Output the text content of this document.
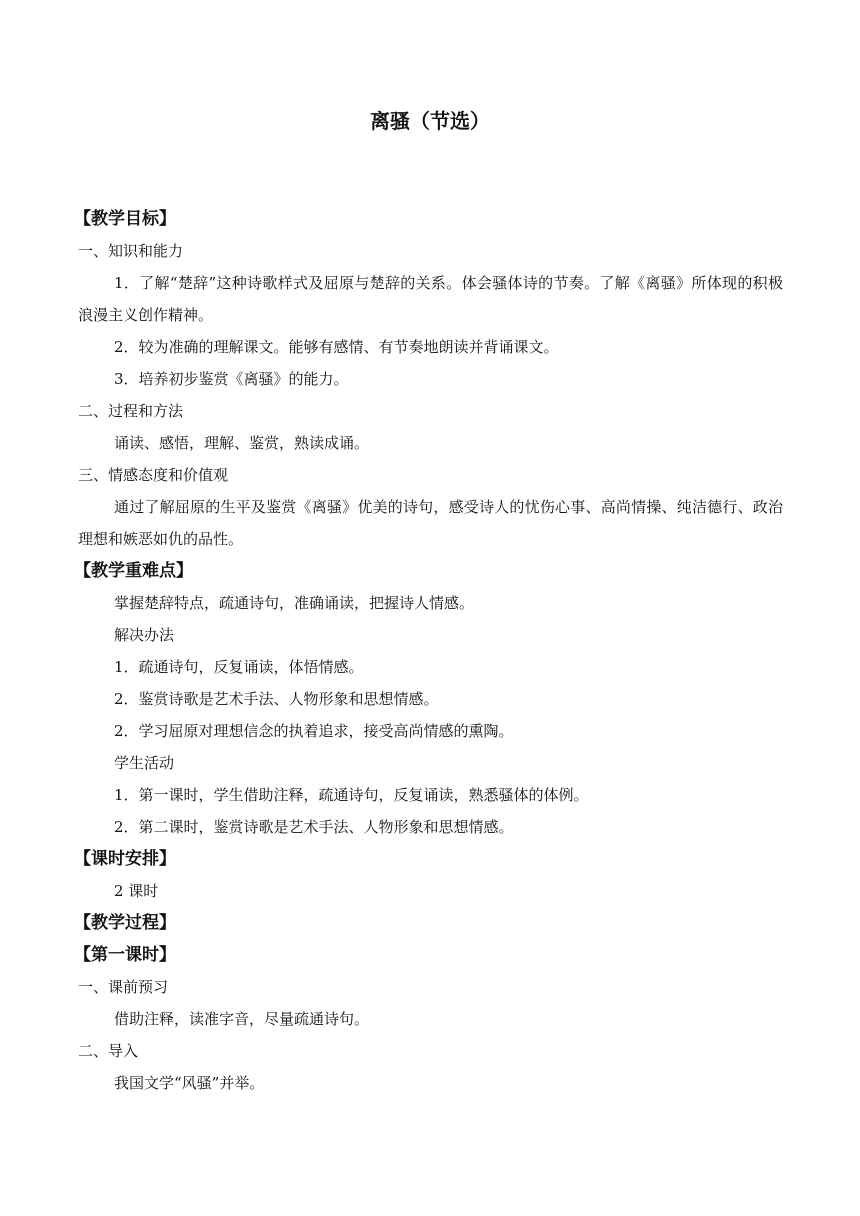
离骚（节选）
【教学目标】
一、知识和能力
1．了解“楚辞”这种诗歌样式及屈原与楚辞的关系。体会骚体诗的节奏。了解《离骚》所体现的积极浪漫主义创作精神。
2．较为准确的理解课文。能够有感情、有节奏地朗读并背诵课文。
3．培养初步鉴赏《离骚》的能力。
二、过程和方法
诵读、感悟，理解、鉴赏，熟读成诵。
三、情感态度和价值观
通过了解屈原的生平及鉴赏《离骚》优美的诗句，感受诗人的忧伤心事、高尚情操、纯洁德行、政治理想和嫉恶如仇的品性。
【教学重难点】
掌握楚辞特点，疏通诗句，准确诵读，把握诗人情感。
解决办法
1．疏通诗句，反复诵读，体悟情感。
2．鉴赏诗歌是艺术手法、人物形象和思想情感。
2．学习屈原对理想信念的执着追求，接受高尚情感的熏陶。
学生活动
1．第一课时，学生借助注释，疏通诗句，反复诵读，熟悉骚体的体例。
2．第二课时，鉴赏诗歌是艺术手法、人物形象和思想情感。
【课时安排】
2 课时
【教学过程】
【第一课时】
一、课前预习
借助注释，读准字音，尽量疏通诗句。
二、导入
我国文学“风骚”并举。
